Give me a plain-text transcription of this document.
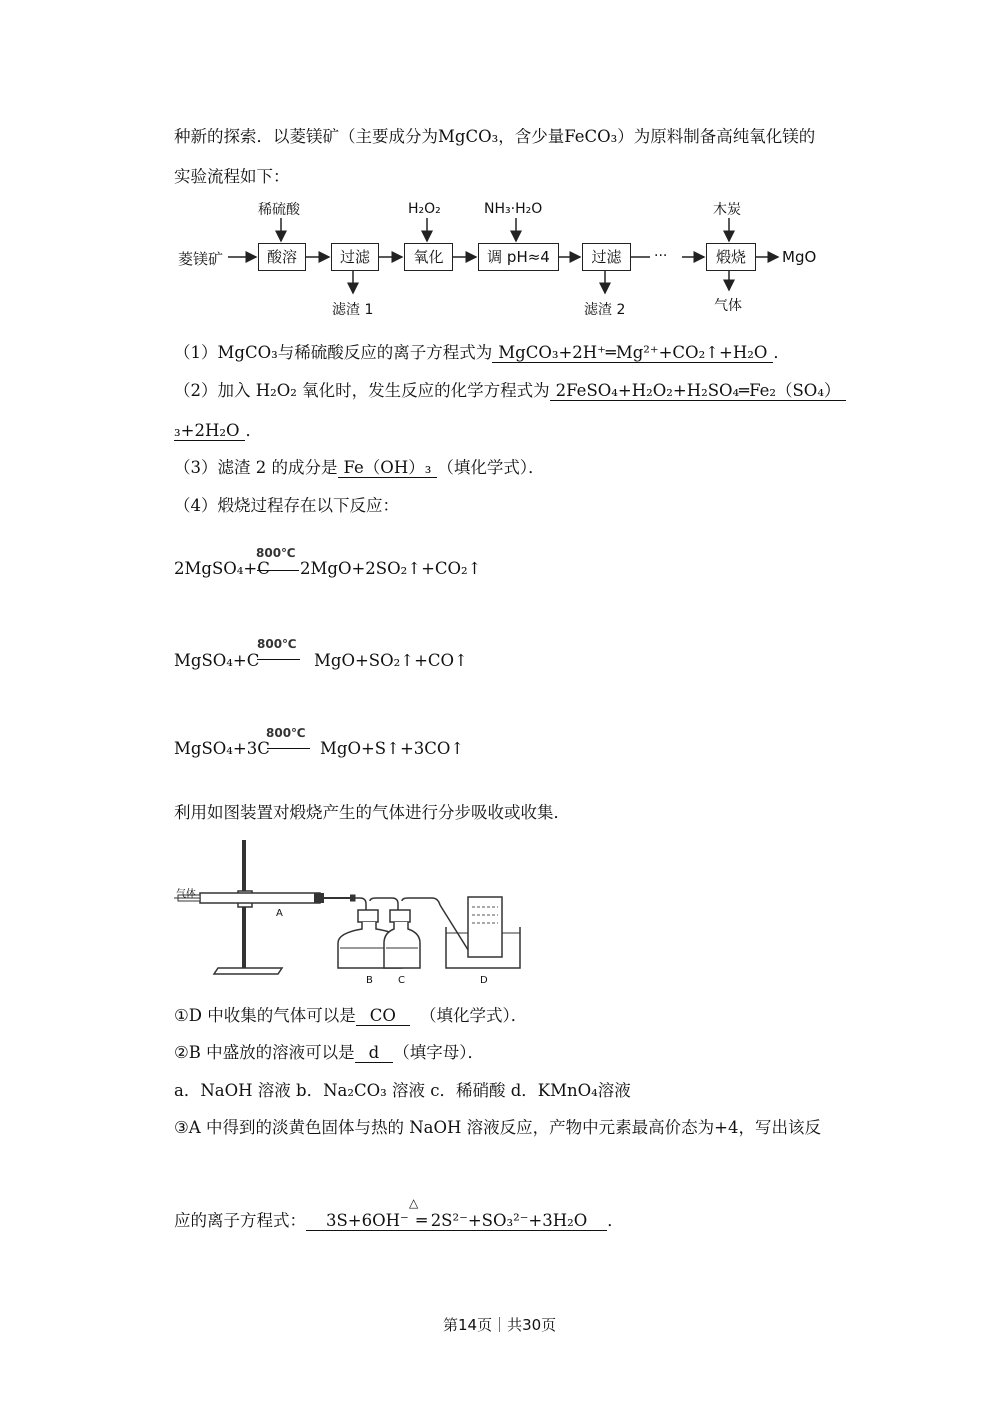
种新的探索．以菱镁矿（主要成分为MgCO₃，含少量FeCO₃）为原料制备高纯氧化镁的
实验流程如下：
菱镁矿	酸溶	过滤	氧化	调 pH≈4	过滤	···	煅烧	MgO
稀硫酸	H₂O₂	NH₃·H₂O	木炭
滤渣 1	滤渣 2	气体
（1）MgCO₃与稀硫酸反应的离子方程式为 MgCO₃+2H⁺═Mg²⁺+CO₂↑+H₂O ．
（2）加入 H₂O₂ 氧化时，发生反应的化学方程式为 2FeSO₄+H₂O₂+H₂SO₄═Fe₂（SO₄）
₃+2H₂O ．
（3）滤渣 2 的成分是 Fe（OH）₃ （填化学式）．
（4）煅烧过程存在以下反应：
2MgSO₄+C
800℃
2MgO+2SO₂↑+CO₂↑
MgSO₄+C
800℃
MgO+SO₂↑+CO↑
MgSO₄+3C
800℃
MgO+S↑+3CO↑
利用如图装置对煅烧产生的气体进行分步吸收或收集．
气体
A
B	C	D
①D 中收集的气体可以是 CO （填化学式）．
②B 中盛放的溶液可以是 d （填字母）．
a．NaOH 溶液 b．Na₂CO₃ 溶液 c．稀硝酸 d．KMnO₄溶液
③A 中得到的淡黄色固体与热的 NaOH 溶液反应，产物中元素最高价态为+4，写出该反
应的离子方程式： 3S+6OH⁻ ═ 2S²⁻+SO₃²⁻+3H₂O ．
△
第14页｜共30页
